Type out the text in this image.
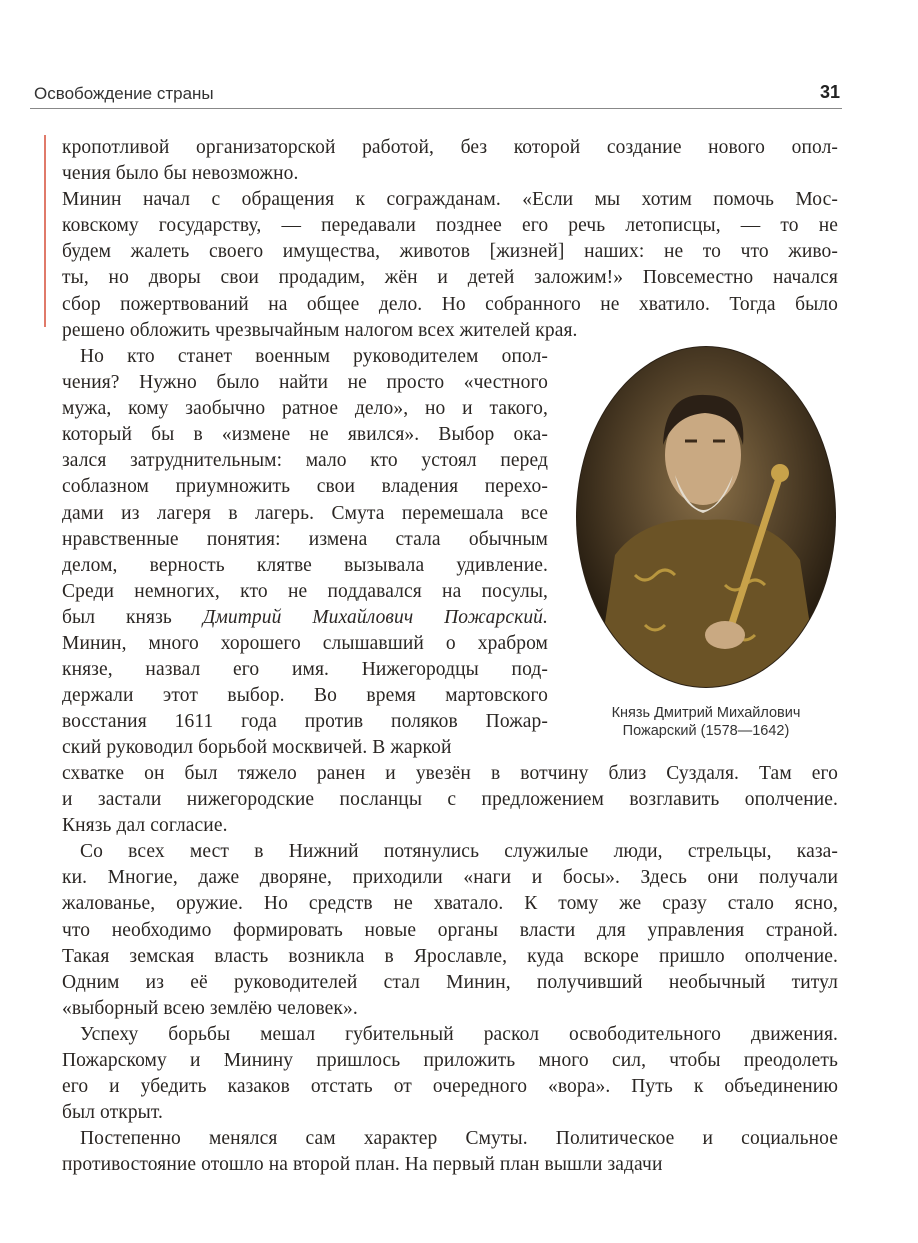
Освобождение страны	31
кропотливой организаторской работой, без которой создание нового опол-
чения было бы невозможно.
Минин начал с обращения к согражданам. «Если мы хотим помочь Мос-
ковскому государству, — передавали позднее его речь летописцы, — то не
будем жалеть своего имущества, животов [жизней] наших: не то что живо-
ты, но дворы свои продадим, жён и детей заложим!» Повсеместно начался
сбор пожертвований на общее дело. Но собранного не хватило. Тогда было
решено обложить чрезвычайным налогом всех жителей края.
Но кто станет военным руководителем опол-
чения? Нужно было найти не просто «честного
мужа, кому заобычно ратное дело», но и такого,
который бы в «измене не явился». Выбор ока-
зался затруднительным: мало кто устоял перед
соблазном приумножить свои владения перехо-
дами из лагеря в лагерь. Смута перемешала все
нравственные понятия: измена стала обычным
делом, верность клятве вызывала удивление.
Среди немногих, кто не поддавался на посулы,
был князь Дмитрий Михайлович Пожарский.
Минин, много хорошего слышавший о храбром
князе, назвал его имя. Нижегородцы под-
держали этот выбор. Во время мартовского
восстания 1611 года против поляков Пожар-
ский руководил борьбой москвичей. В жаркой
схватке он был тяжело ранен и увезён в вотчину близ Суздаля. Там его
и застали нижегородские посланцы с предложением возглавить ополчение.
Князь дал согласие.
Со всех мест в Нижний потянулись служилые люди, стрельцы, каза-
ки. Многие, даже дворяне, приходили «наги и босы». Здесь они получали
жалованье, оружие. Но средств не хватало. К тому же сразу стало ясно,
что необходимо формировать новые органы власти для управления страной.
Такая земская власть возникла в Ярославле, куда вскоре пришло ополчение.
Одним из её руководителей стал Минин, получивший необычный титул
«выборный всею землёю человек».
Успеху борьбы мешал губительный раскол освободительного движения.
Пожарскому и Минину пришлось приложить много сил, чтобы преодолеть
его и убедить казаков отстать от очередного «вора». Путь к объединению
был открыт.
Постепенно менялся сам характер Смуты. Политическое и социальное
противостояние отошло на второй план. На первый план вышли задачи
Князь Дмитрий Михайлович
Пожарский (1578—1642)
